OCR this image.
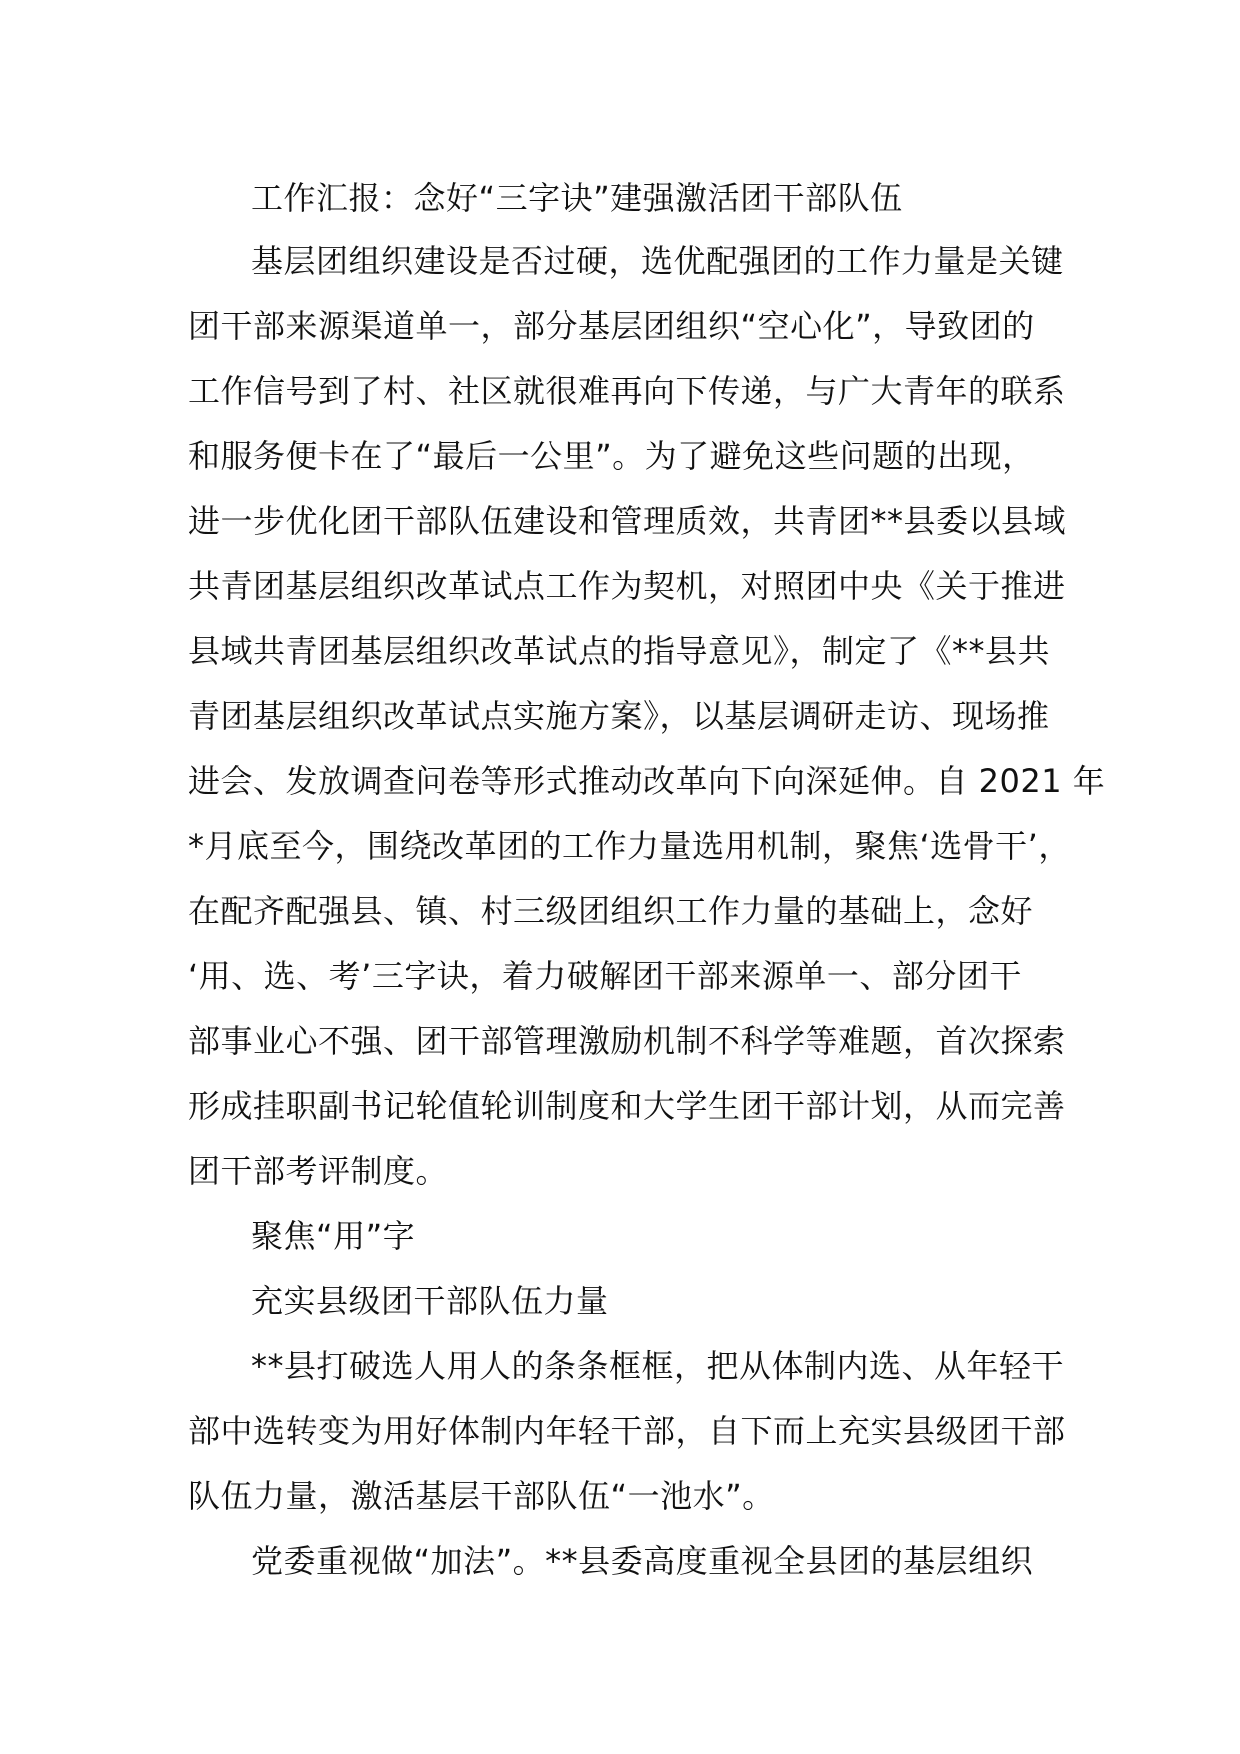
工作汇报：念好“三字诀”建强激活团干部队伍
基层团组织建设是否过硬，选优配强团的工作力量是关键
团干部来源渠道单一，部分基层团组织“空心化”，导致团的
工作信号到了村、社区就很难再向下传递，与广大青年的联系
和服务便卡在了“最后一公里”。为了避免这些问题的出现，
进一步优化团干部队伍建设和管理质效，共青团**县委以县域
共青团基层组织改革试点工作为契机，对照团中央《关于推进
县域共青团基层组织改革试点的指导意见》，制定了《**县共
青团基层组织改革试点实施方案》，以基层调研走访、现场推
进会、发放调查问卷等形式推动改革向下向深延伸。自 2021 年
*月底至今，围绕改革团的工作力量选用机制，聚焦‘选骨干’，
在配齐配强县、镇、村三级团组织工作力量的基础上，念好
‘用、选、考’三字诀，着力破解团干部来源单一、部分团干
部事业心不强、团干部管理激励机制不科学等难题，首次探索
形成挂职副书记轮值轮训制度和大学生团干部计划，从而完善
团干部考评制度。
聚焦“用”字
充实县级团干部队伍力量
**县打破选人用人的条条框框，把从体制内选、从年轻干
部中选转变为用好体制内年轻干部，自下而上充实县级团干部
队伍力量，激活基层干部队伍“一池水”。
党委重视做“加法”。**县委高度重视全县团的基层组织
